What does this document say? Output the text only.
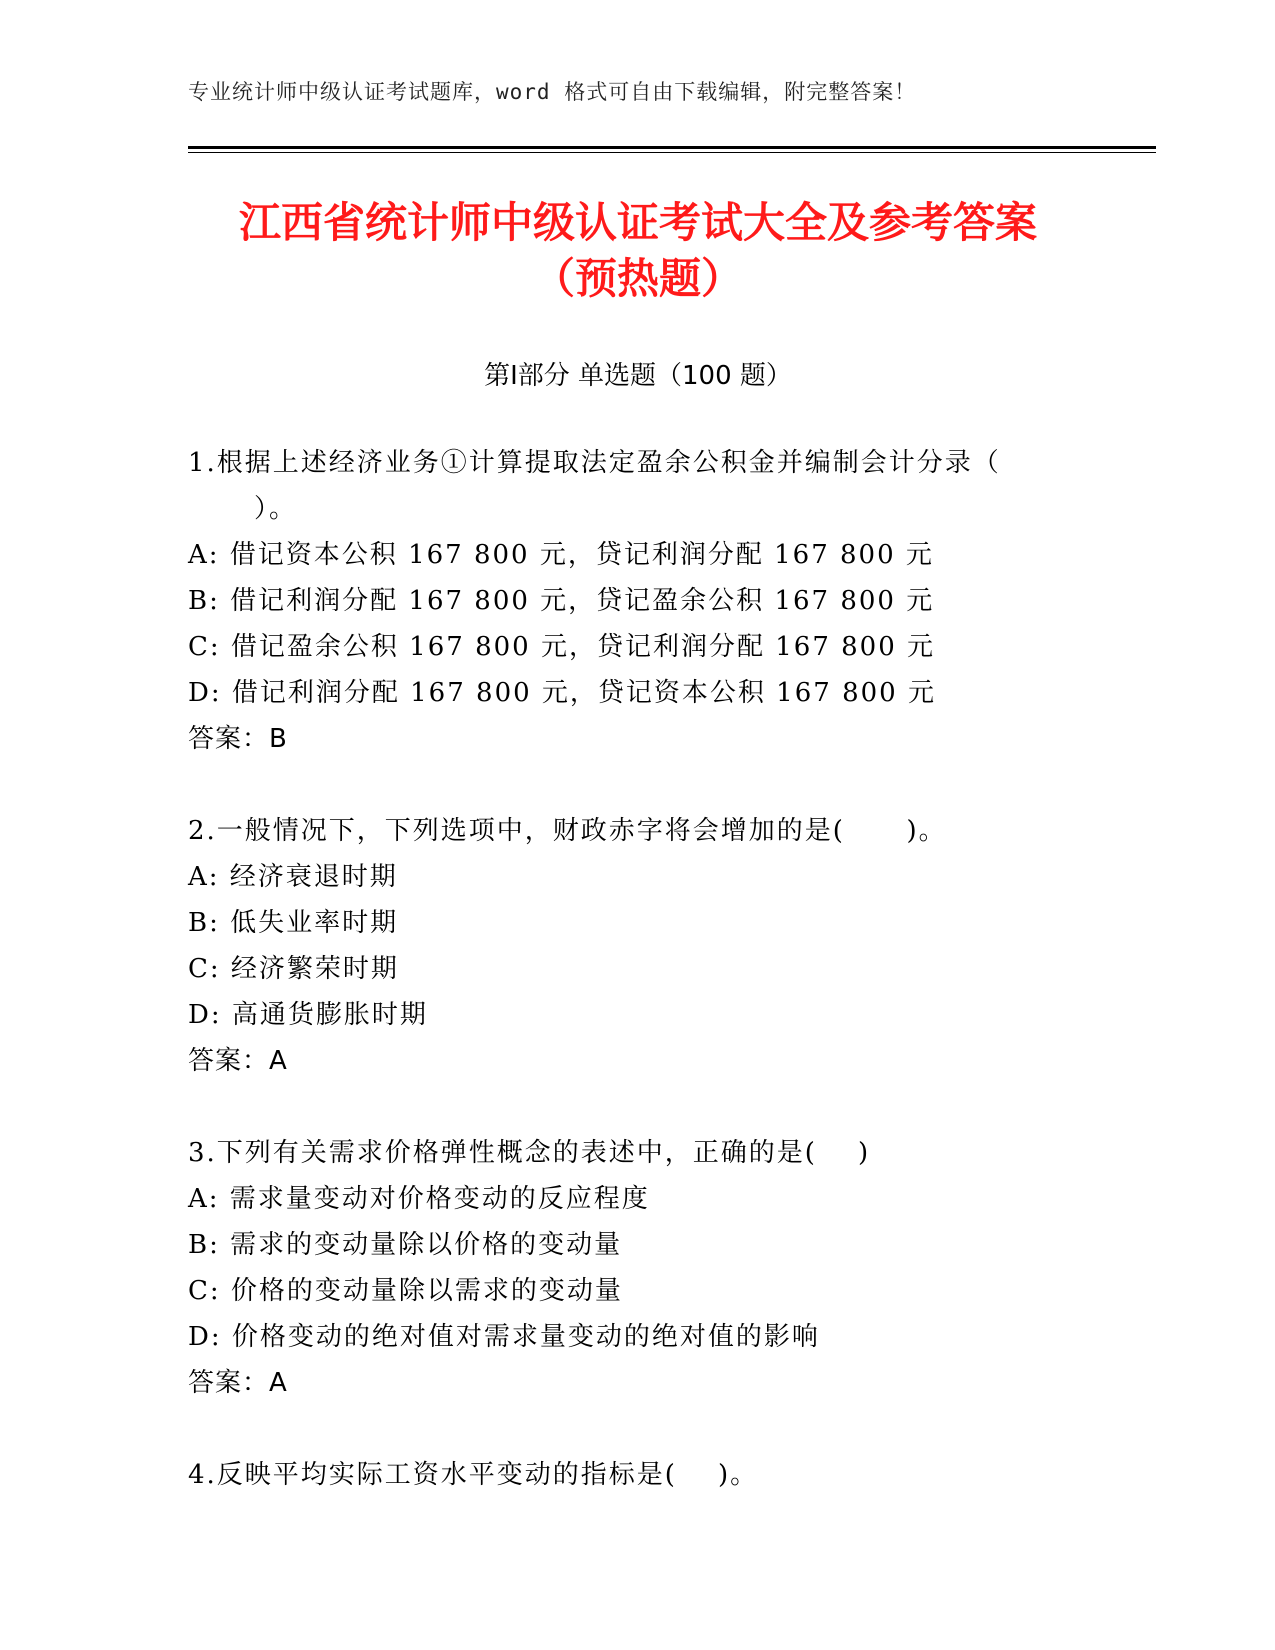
专业统计师中级认证考试题库，word 格式可自由下载编辑，附完整答案！
江西省统计师中级认证考试大全及参考答案
（预热题）
第Ⅰ部分 单选题（100 题）
1.根据上述经济业务①计算提取法定盈余公积金并编制会计分录（
）。
A: 借记资本公积 167 800 元，贷记利润分配 167 800 元
B: 借记利润分配 167 800 元，贷记盈余公积 167 800 元
C: 借记盈余公积 167 800 元，贷记利润分配 167 800 元
D: 借记利润分配 167 800 元，贷记资本公积 167 800 元
答案：B
2.一般情况下，下列选项中，财政赤字将会增加的是(      )。
A: 经济衰退时期
B: 低失业率时期
C: 经济繁荣时期
D: 高通货膨胀时期
答案：A
3.下列有关需求价格弹性概念的表述中，正确的是(    )
A: 需求量变动对价格变动的反应程度
B: 需求的变动量除以价格的变动量
C: 价格的变动量除以需求的变动量
D: 价格变动的绝对值对需求量变动的绝对值的影响
答案：A
4.反映平均实际工资水平变动的指标是(    )。
